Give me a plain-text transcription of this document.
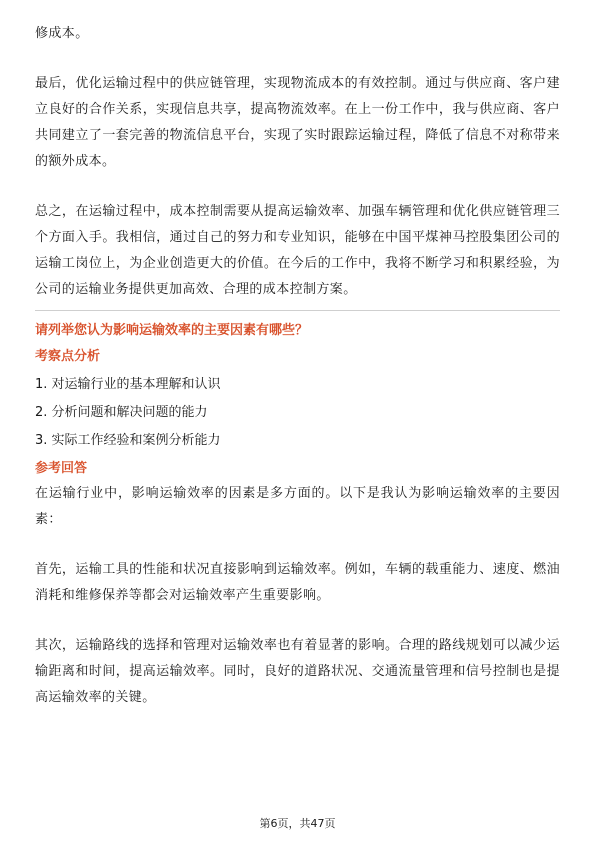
修成本。

最后，优化运输过程中的供应链管理，实现物流成本的有效控制。通过与供应商、客户建立良好的合作关系，实现信息共享，提高物流效率。在上一份工作中，我与供应商、客户共同建立了一套完善的物流信息平台，实现了实时跟踪运输过程，降低了信息不对称带来的额外成本。

总之，在运输过程中，成本控制需要从提高运输效率、加强车辆管理和优化供应链管理三个方面入手。我相信，通过自己的努力和专业知识，能够在中国平煤神马控股集团公司的运输工岗位上，为企业创造更大的价值。在今后的工作中，我将不断学习和积累经验，为公司的运输业务提供更加高效、合理的成本控制方案。

请列举您认为影响运输效率的主要因素有哪些？

考察点分析

1. 对运输行业的基本理解和认识

2. 分析问题和解决问题的能力

3. 实际工作经验和案例分析能力

参考回答

在运输行业中，影响运输效率的因素是多方面的。以下是我认为影响运输效率的主要因素：

首先，运输工具的性能和状况直接影响到运输效率。例如，车辆的载重能力、速度、燃油消耗和维修保养等都会对运输效率产生重要影响。

其次，运输路线的选择和管理对运输效率也有着显著的影响。合理的路线规划可以减少运输距离和时间，提高运输效率。同时，良好的道路状况、交通流量管理和信号控制也是提高运输效率的关键。

第6页，共47页
